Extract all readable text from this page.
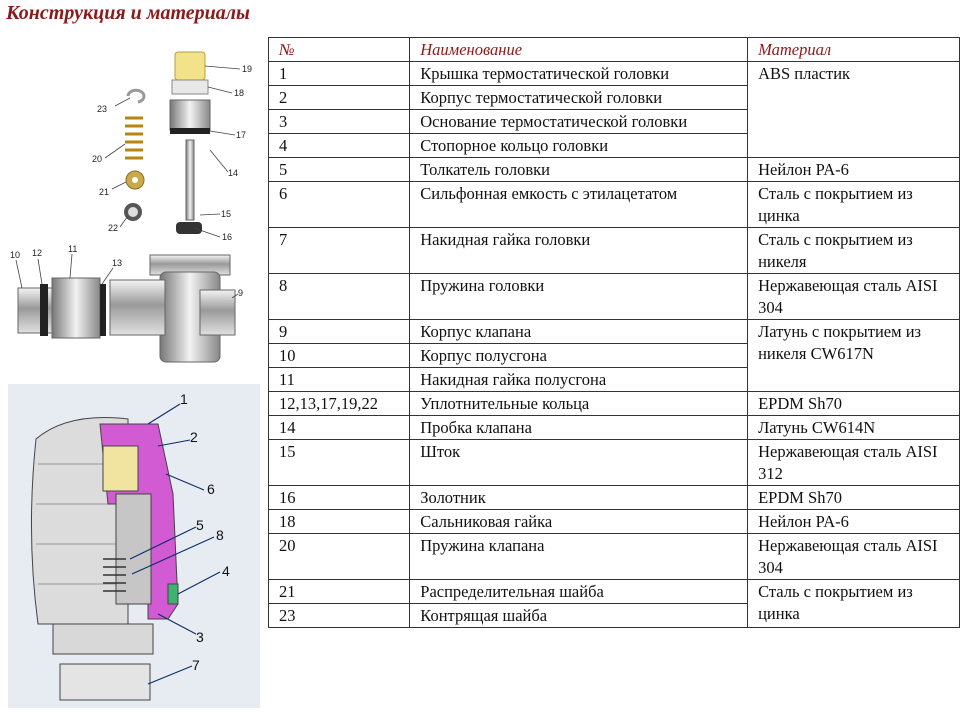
Конструкция и материалы
19
18
23
17
14
20
21
15
22
16
10 12	11
13
9
1
2
6
5
8
4
3
7
№	Наименование	Материал
1	Крышка термостатической головки	ABS пластик
2	Корпус термостатической головки	
3	Основание термостатической головки	
4	Стопорное кольцо головки	
5	Толкатель головки	Нейлон PA-6
6	Сильфонная емкость с этилацетатом	Сталь с покрытием из цинка
7	Накидная гайка головки	Сталь с покрытием из никеля
8	Пружина головки	Нержавеющая сталь AISI 304
9	Корпус клапана	Латунь с покрытием из никеля CW617N
10	Корпус полусгона	
11	Накидная гайка полусгона	
12,13,17,19,22	Уплотнительные кольца	EPDM Sh70
14	Пробка клапана	Латунь CW614N
15	Шток	Нержавеющая сталь AISI 312
16	Золотник	EPDM Sh70
18	Сальниковая гайка	Нейлон PA-6
20	Пружина клапана	Нержавеющая сталь AISI 304
21	Распределительная шайба	Сталь с покрытием из цинка
23	Контрящая шайба	
